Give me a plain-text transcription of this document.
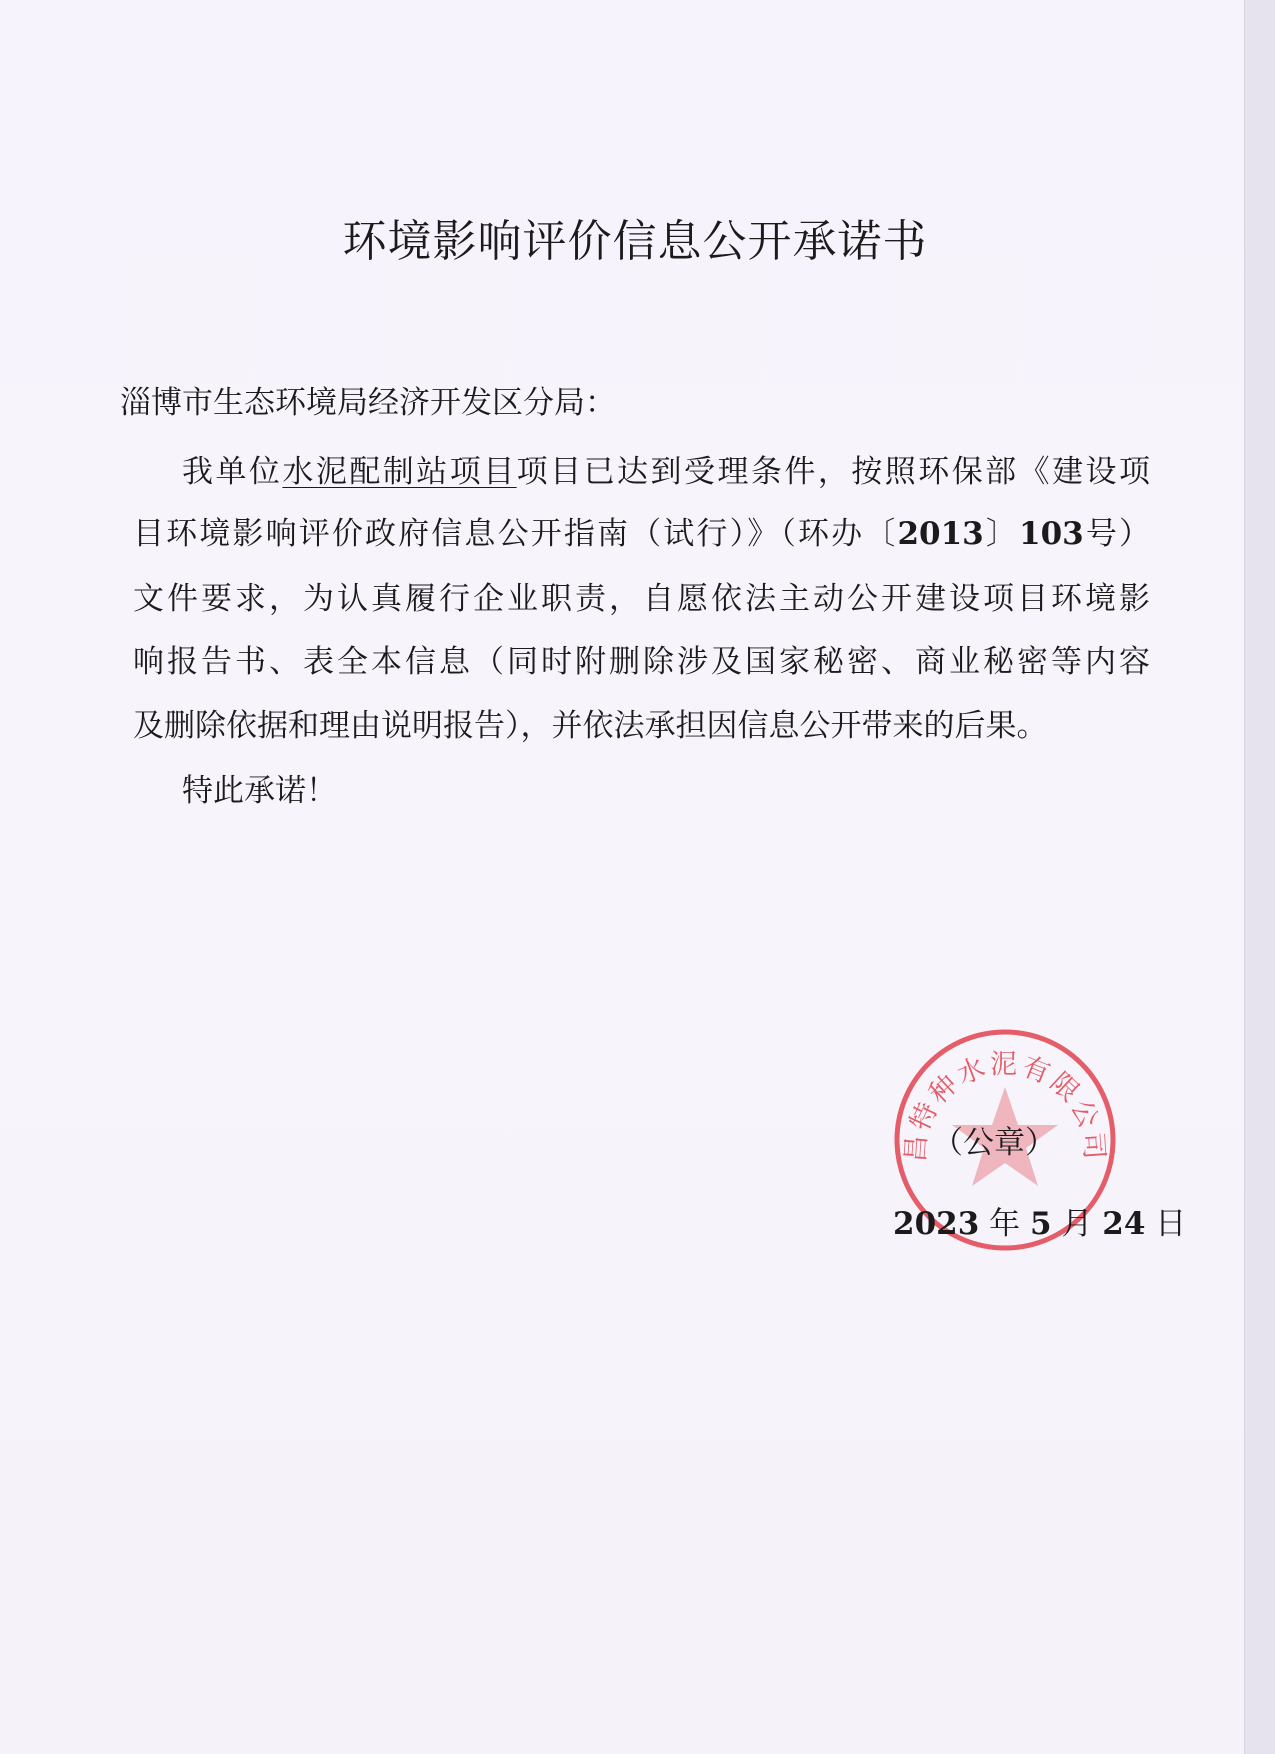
环境影响评价信息公开承诺书
淄博市生态环境局经济开发区分局：
我单位水泥配制站项目项目已达到受理条件，按照环保部《建设项
目环境影响评价政府信息公开指南（试行）》（环办〔2013〕103号）
文件要求，为认真履行企业职责，自愿依法主动公开建设项目环境影
响报告书、表全本信息（同时附删除涉及国家秘密、商业秘密等内容
及删除依据和理由说明报告），并依法承担因信息公开带来的后果。
特此承诺！
昌特种水泥有限公司
（公章）
2023 年 5 月 24 日
